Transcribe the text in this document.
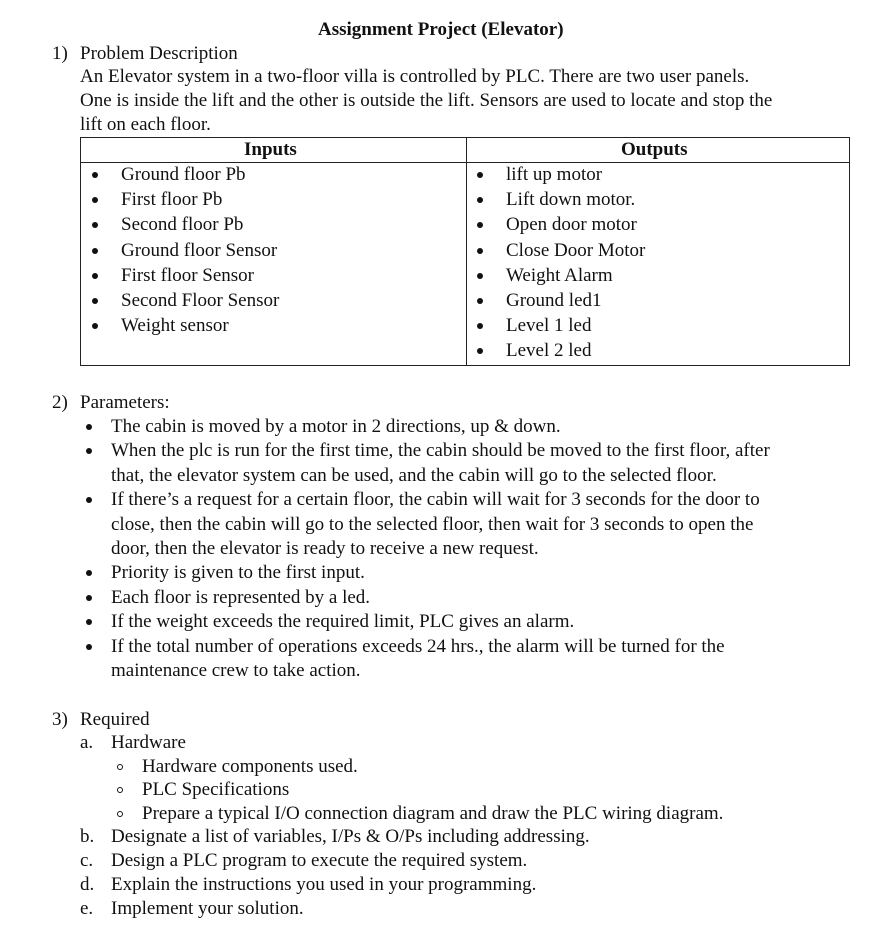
Assignment Project (Elevator)
1) Problem Description
An Elevator system in a two-floor villa is controlled by PLC. There are two user panels.
One is inside the lift and the other is outside the lift. Sensors are used to locate and stop the
lift on each floor.
Inputs	Outputs
Ground floor Pb
First floor Pb
Second floor Pb
Ground floor Sensor
First floor Sensor
Second Floor Sensor
Weight sensor
lift up motor
Lift down motor.
Open door motor
Close Door Motor
Weight Alarm
Ground led1
Level 1 led
Level 2 led
2) Parameters:
The cabin is moved by a motor in 2 directions, up & down.
When the plc is run for the first time, the cabin should be moved to the first floor, after
that, the elevator system can be used, and the cabin will go to the selected floor.
If there’s a request for a certain floor, the cabin will wait for 3 seconds for the door to
close, then the cabin will go to the selected floor, then wait for 3 seconds to open the
door, then the elevator is ready to receive a new request.
Priority is given to the first input.
Each floor is represented by a led.
If the weight exceeds the required limit, PLC gives an alarm.
If the total number of operations exceeds 24 hrs., the alarm will be turned for the
maintenance crew to take action.
3) Required
a. Hardware
Hardware components used.
PLC Specifications
Prepare a typical I/O connection diagram and draw the PLC wiring diagram.
b. Designate a list of variables, I/Ps & O/Ps including addressing.
c. Design a PLC program to execute the required system.
d. Explain the instructions you used in your programming.
e. Implement your solution.
